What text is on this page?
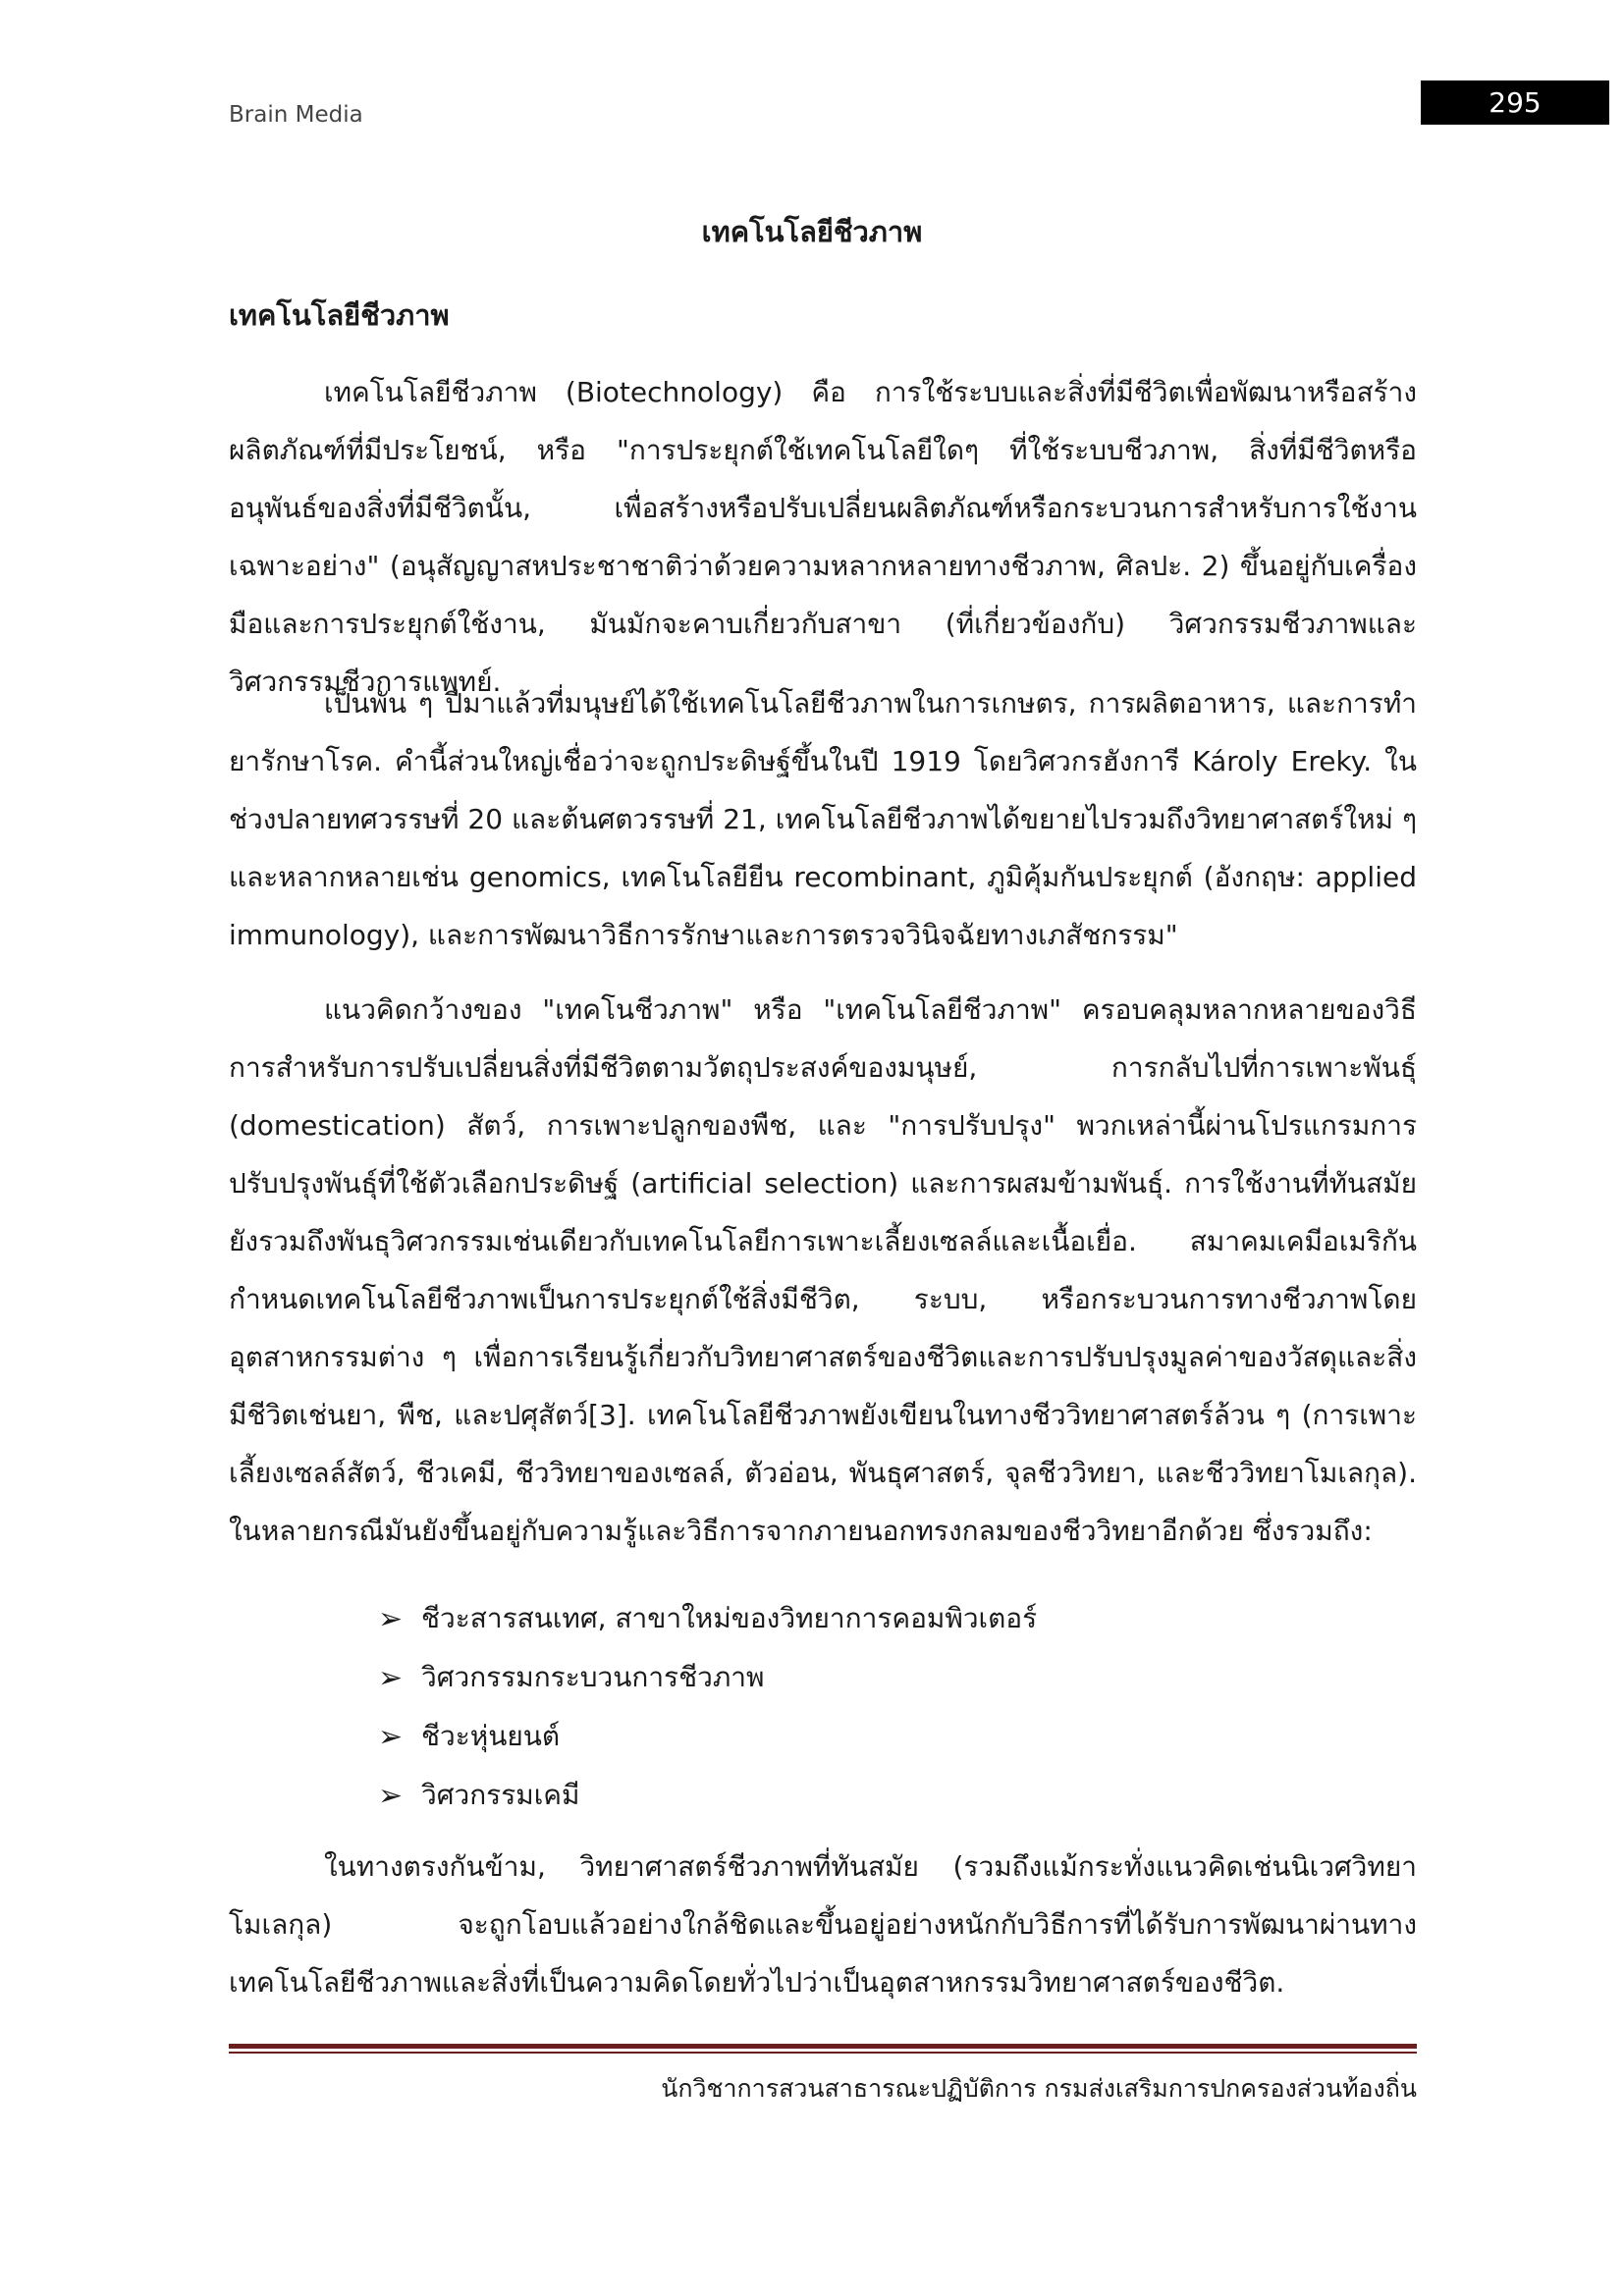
Brain Media	295
เทคโนโลยีชีวภาพ
เทคโนโลยีชีวภาพ

เทคโนโลยีชีวภาพ (Biotechnology) คือ การใช้ระบบและสิ่งที่มีชีวิตเพื่อพัฒนาหรือสร้างผลิตภัณฑ์ที่มีประโยชน์, หรือ "การประยุกต์ใช้เทคโนโลยีใดๆ ที่ใช้ระบบชีวภาพ, สิ่งที่มีชีวิตหรืออนุพันธ์ของสิ่งที่มีชีวิตนั้น, เพื่อสร้างหรือปรับเปลี่ยนผลิตภัณฑ์หรือกระบวนการสำหรับการใช้งานเฉพาะอย่าง" (อนุสัญญาสหประชาชาติว่าด้วยความหลากหลายทางชีวภาพ, ศิลปะ. 2) ขึ้นอยู่กับเครื่องมือและการประยุกต์ใช้งาน, มันมักจะคาบเกี่ยวกับสาขา (ที่เกี่ยวข้องกับ) วิศวกรรมชีวภาพและวิศวกรรมชีวการแพทย์.

เป็นพัน ๆ ปีมาแล้วที่มนุษย์ได้ใช้เทคโนโลยีชีวภาพในการเกษตร, การผลิตอาหาร, และการทำยารักษาโรค. คำนี้ส่วนใหญ่เชื่อว่าจะถูกประดิษฐ์ขึ้นในปี 1919 โดยวิศวกรฮังการี Károly Ereky. ในช่วงปลายทศวรรษที่ 20 และต้นศตวรรษที่ 21, เทคโนโลยีชีวภาพได้ขยายไปรวมถึงวิทยาศาสตร์ใหม่ ๆ และหลากหลายเช่น genomics, เทคโนโลยียีน recombinant, ภูมิคุ้มกันประยุกต์ (อังกฤษ: applied immunology), และการพัฒนาวิธีการรักษาและการตรวจวินิจฉัยทางเภสัชกรรม"

แนวคิดกว้างของ "เทคโนชีวภาพ" หรือ "เทคโนโลยีชีวภาพ" ครอบคลุมหลากหลายของวิธีการสำหรับการปรับเปลี่ยนสิ่งที่มีชีวิตตามวัตถุประสงค์ของมนุษย์, การกลับไปที่การเพาะพันธุ์ (domestication) สัตว์, การเพาะปลูกของพืช, และ "การปรับปรุง" พวกเหล่านี้ผ่านโปรแกรมการปรับปรุงพันธุ์ที่ใช้ตัวเลือกประดิษฐ์ (artificial selection) และการผสมข้ามพันธุ์. การใช้งานที่ทันสมัยยังรวมถึงพันธุวิศวกรรมเช่นเดียวกับเทคโนโลยีการเพาะเลี้ยงเซลล์และเนื้อเยื่อ. สมาคมเคมีอเมริกันกำหนดเทคโนโลยีชีวภาพเป็นการประยุกต์ใช้สิ่งมีชีวิต, ระบบ, หรือกระบวนการทางชีวภาพโดยอุตสาหกรรมต่าง ๆ เพื่อการเรียนรู้เกี่ยวกับวิทยาศาสตร์ของชีวิตและการปรับปรุงมูลค่าของวัสดุและสิ่งมีชีวิตเช่นยา, พืช, และปศุสัตว์[3]. เทคโนโลยีชีวภาพยังเขียนในทางชีววิทยาศาสตร์ล้วน ๆ (การเพาะเลี้ยงเซลล์สัตว์, ชีวเคมี, ชีววิทยาของเซลล์, ตัวอ่อน, พันธุศาสตร์, จุลชีววิทยา, และชีววิทยาโมเลกุล). ในหลายกรณีมันยังขึ้นอยู่กับความรู้และวิธีการจากภายนอกทรงกลมของชีววิทยาอีกด้วย ซึ่งรวมถึง:

➢ ชีวะสารสนเทศ, สาขาใหม่ของวิทยาการคอมพิวเตอร์
➢ วิศวกรรมกระบวนการชีวภาพ
➢ ชีวะหุ่นยนต์
➢ วิศวกรรมเคมี

ในทางตรงกันข้าม, วิทยาศาสตร์ชีวภาพที่ทันสมัย (รวมถึงแม้กระทั่งแนวคิดเช่นนิเวศวิทยาโมเลกุล) จะถูกโอบแล้วอย่างใกล้ชิดและขึ้นอยู่อย่างหนักกับวิธีการที่ได้รับการพัฒนาผ่านทางเทคโนโลยีชีวภาพและสิ่งที่เป็นความคิดโดยทั่วไปว่าเป็นอุตสาหกรรมวิทยาศาสตร์ของชีวิต.

นักวิชาการสวนสาธารณะปฏิบัติการ กรมส่งเสริมการปกครองส่วนท้องถิ่น
